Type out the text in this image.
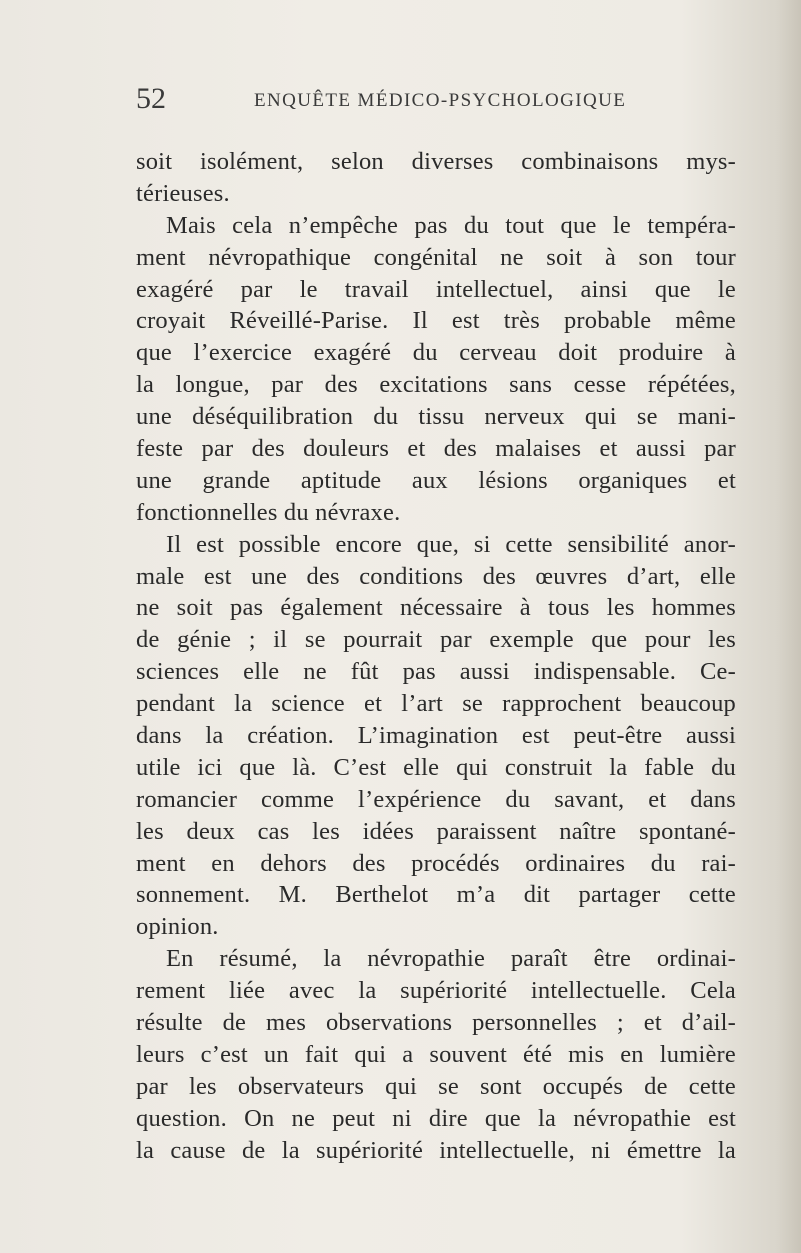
52	ENQUÊTE MÉDICO-PSYCHOLOGIQUE
soit isolément, selon diverses combinaisons mys-
térieuses.
Mais cela n’empêche pas du tout que le tempéra-
ment névropathique congénital ne soit à son tour
exagéré par le travail intellectuel, ainsi que le
croyait Réveillé-Parise. Il est très probable même
que l’exercice exagéré du cerveau doit produire à
la longue, par des excitations sans cesse répétées,
une déséquilibration du tissu nerveux qui se mani-
feste par des douleurs et des malaises et aussi par
une grande aptitude aux lésions organiques et
fonctionnelles du névraxe.
Il est possible encore que, si cette sensibilité anor-
male est une des conditions des œuvres d’art, elle
ne soit pas également nécessaire à tous les hommes
de génie ; il se pourrait par exemple que pour les
sciences elle ne fût pas aussi indispensable. Ce-
pendant la science et l’art se rapprochent beaucoup
dans la création. L’imagination est peut-être aussi
utile ici que là. C’est elle qui construit la fable du
romancier comme l’expérience du savant, et dans
les deux cas les idées paraissent naître spontané-
ment en dehors des procédés ordinaires du rai-
sonnement. M. Berthelot m’a dit partager cette
opinion.
En résumé, la névropathie paraît être ordinai-
rement liée avec la supériorité intellectuelle. Cela
résulte de mes observations personnelles ; et d’ail-
leurs c’est un fait qui a souvent été mis en lumière
par les observateurs qui se sont occupés de cette
question. On ne peut ni dire que la névropathie est
la cause de la supériorité intellectuelle, ni émettre la
